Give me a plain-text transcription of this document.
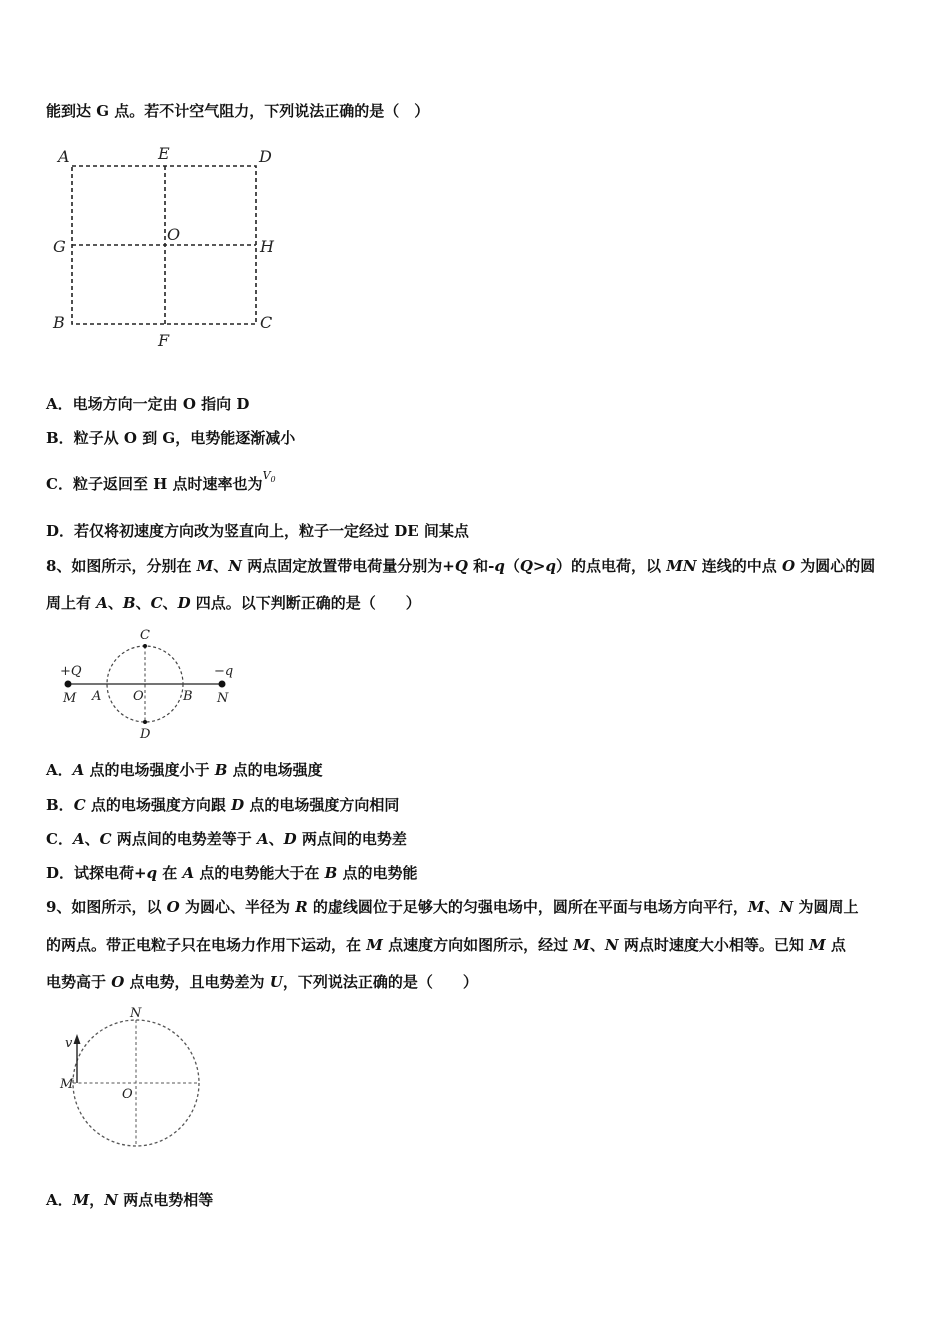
能到达 G 点。若不计空气阻力，下列说法正确的是（　）
A	E	D
G
O
H
B
F
C
A．电场方向一定由 O 指向 D
B．粒子从 O 到 G，电势能逐渐减小
C．粒子返回至 H 点时速率也为$^{V_0}$
D．若仅将初速度方向改为竖直向上，粒子一定经过 DE 间某点
8、如图所示，分别在 M、N 两点固定放置带电荷量分别为+Q 和-q（Q>q）的点电荷，以 MN 连线的中点 O 为圆心的圆
周上有 A、B、C、D 四点。以下判断正确的是（　　）
+Q
M A O	B
−q
N
C
D
A．A 点的电场强度小于 B 点的电场强度
B．C 点的电场强度方向跟 D 点的电场强度方向相同
C．A、C 两点间的电势差等于 A、D 两点间的电势差
D．试探电荷+q 在 A 点的电势能大于在 B 点的电势能
9、如图所示，以 O 为圆心、半径为 R 的虚线圆位于足够大的匀强电场中，圆所在平面与电场方向平行，M、N 为圆周上
的两点。带正电粒子只在电场力作用下运动，在 M 点速度方向如图所示，经过 M、N 两点时速度大小相等。已知 M 点
电势高于 O 点电势，且电势差为 U，下列说法正确的是（　　）
N
v
M
O
A．M，N 两点电势相等
